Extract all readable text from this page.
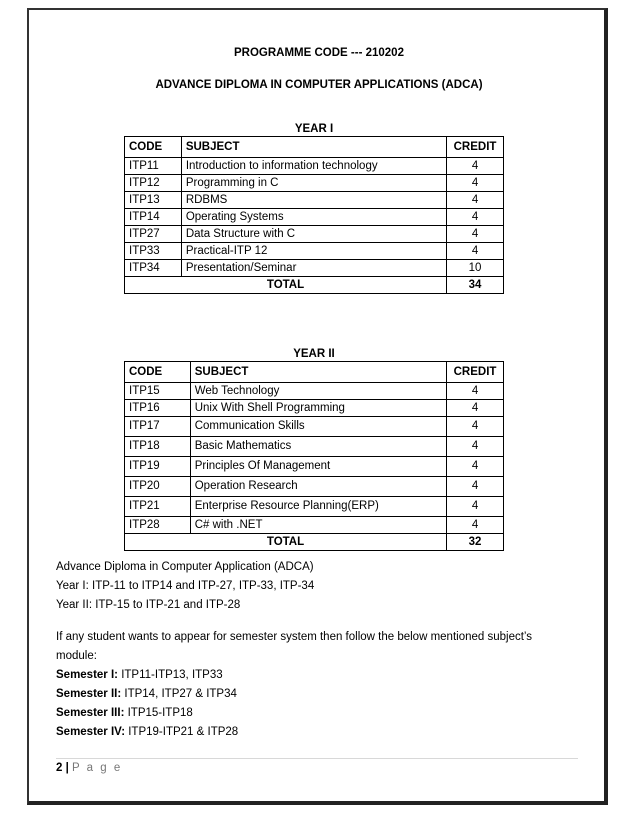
PROGRAMME CODE --- 210202
ADVANCE DIPLOMA IN COMPUTER APPLICATIONS (ADCA)
YEAR I
CODE	SUBJECT	CREDIT
ITP11	Introduction to information technology	4
ITP12	Programming in C	4
ITP13	RDBMS	4
ITP14	Operating Systems	4
ITP27	Data Structure with C	4
ITP33	Practical-ITP 12	4
ITP34	Presentation/Seminar	10
TOTAL		34
YEAR II
CODE	SUBJECT	CREDIT
ITP15	Web Technology	4
ITP16	Unix With Shell Programming	4
ITP17	Communication Skills	4
ITP18	Basic Mathematics	4
ITP19	Principles Of Management	4
ITP20	Operation Research	4
ITP21	Enterprise Resource Planning(ERP)	4
ITP28	C# with .NET	4
TOTAL		32
Advance Diploma in Computer Application (ADCA)
Year I: ITP-11 to ITP14 and ITP-27, ITP-33, ITP-34
Year II: ITP-15 to ITP-21 and ITP-28
If any student wants to appear for semester system then follow the below mentioned subject’s module:
Semester I: ITP11-ITP13, ITP33
Semester II: ITP14, ITP27 & ITP34
Semester III: ITP15-ITP18
Semester IV: ITP19-ITP21 & ITP28
2 | P a g e
